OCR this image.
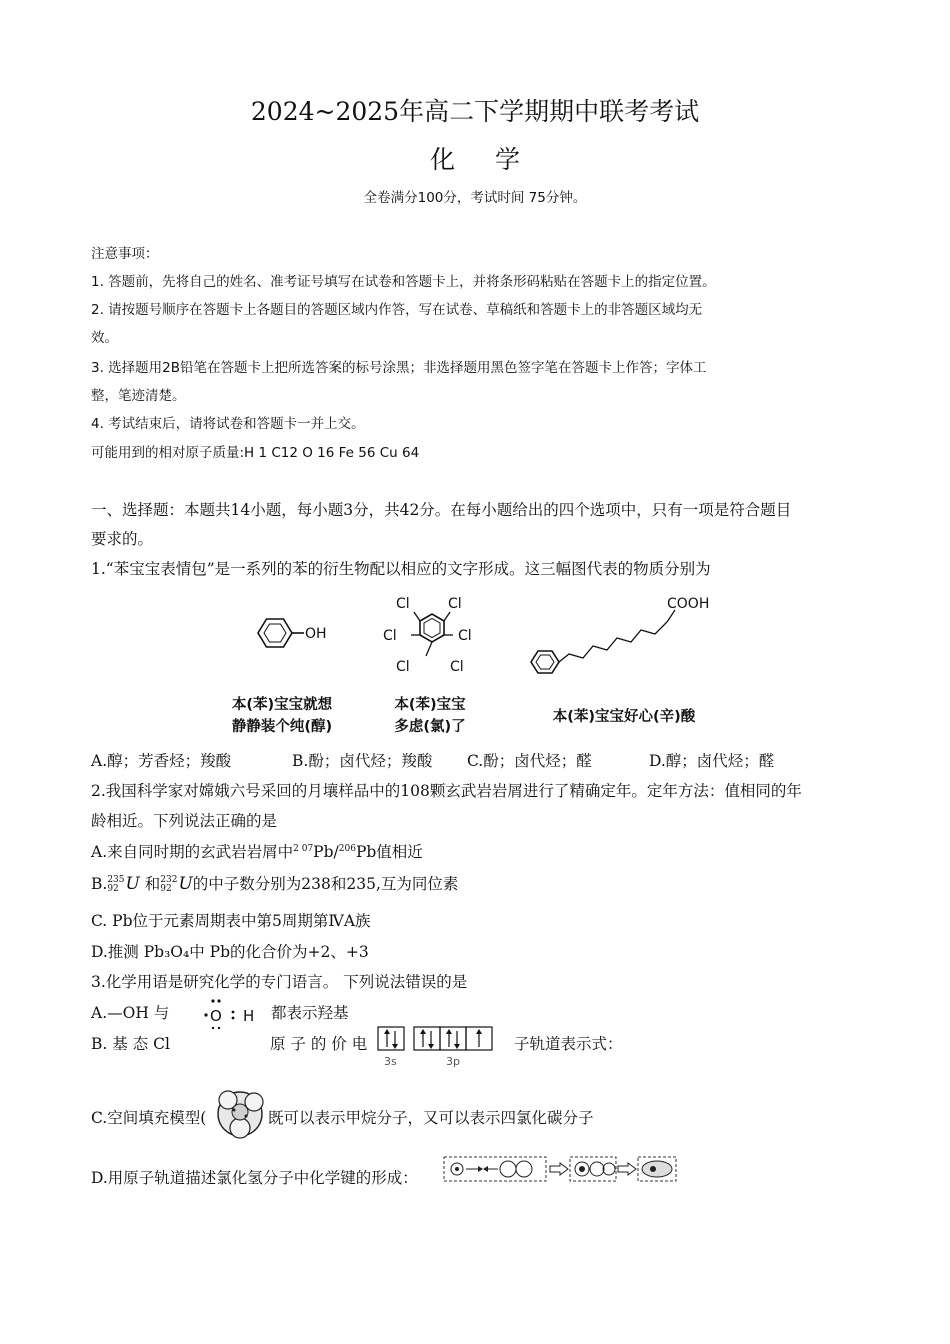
2024~2025年高二下学期期中联考考试
化学
全卷满分100分，考试时间 75分钟。
注意事项：
1. 答题前，先将自己的姓名、准考证号填写在试卷和答题卡上，并将条形码粘贴在答题卡上的指定位置。
2. 请按题号顺序在答题卡上各题目的答题区域内作答，写在试卷、草稿纸和答题卡上的非答题区域均无
效。
3. 选择题用2B铅笔在答题卡上把所选答案的标号涂黑；非选择题用黑色签字笔在答题卡上作答；字体工
整，笔迹清楚。
4. 考试结束后，请将试卷和答题卡一并上交。
可能用到的相对原子质量:H 1 C12 O 16 Fe 56 Cu 64
一、选择题：本题共14小题，每小题3分，共42分。在每小题给出的四个选项中，只有一项是符合题目
要求的。
1.“苯宝宝表情包”是一系列的苯的衍生物配以相应的文字形成。这三幅图代表的物质分别为
OH
Cl	Cl
Cl	Cl
Cl	Cl
COOH
本(苯)宝宝就想
静静装个纯(醇)
本(苯)宝宝
多虑(氯)了
本(苯)宝宝好心(辛)酸
A.醇；芳香烃；羧酸	B.酚；卤代烃；羧酸 C.酚；卤代烃；醛	D.醇；卤代烃；醛
2.我国科学家对嫦娥六号采回的月壤样品中的108颗玄武岩岩屑进行了精确定年。定年方法：值相同的年
龄相近。下列说法正确的是
A.来自同时期的玄武岩岩屑中$^{2 07}$Pb/$^{206}$Pb值相近
B. 235
92 U 和 232
92 U的中子数分别为238和235,互为同位素
C. Pb位于元素周期表中第5周期第ⅣA族
D.推测 Pb₃O₄中 Pb的化合价为+2、+3
3.化学用语是研究化学的专门语言。 下列说法错误的是
A.—OH 与	O H 都表示羟基
B. 基 态 Cl	原 子 的 价 电
3s	3p
子轨道表示式：
C.空间填充模型(	既可以表示甲烷分子，又可以表示四氯化碳分子
D.用原子轨道描述氯化氢分子中化学键的形成：
